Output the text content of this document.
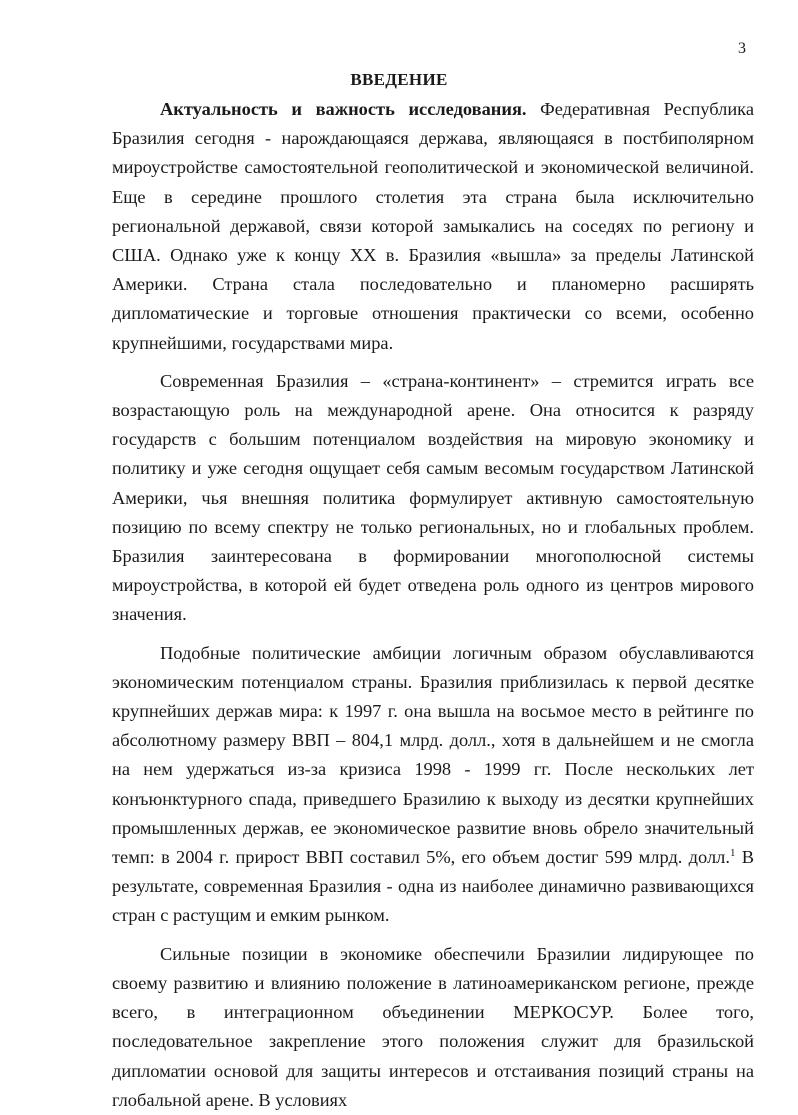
3
ВВЕДЕНИЕ

Актуальность и важность исследования. Федеративная Республика Бразилия сегодня - нарождающаяся держава, являющаяся в постбиполярном мироустройстве самостоятельной геополитической и экономической величиной. Еще в середине прошлого столетия эта страна была исключительно региональной державой, связи которой замыкались на соседях по региону и США. Однако уже к концу XX в. Бразилия «вышла» за пределы Латинской Америки. Страна стала последовательно и планомерно расширять дипломатические и торговые отношения практически со всеми, особенно крупнейшими, государствами мира.

Современная Бразилия – «страна-континент» – стремится играть все возрастающую роль на международной арене. Она относится к разряду государств с большим потенциалом воздействия на мировую экономику и политику и уже сегодня ощущает себя самым весомым государством Латинской Америки, чья внешняя политика формулирует активную самостоятельную позицию по всему спектру не только региональных, но и глобальных проблем. Бразилия заинтересована в формировании многополюсной системы мироустройства, в которой ей будет отведена роль одного из центров мирового значения.

Подобные политические амбиции логичным образом обуславливаются экономическим потенциалом страны. Бразилия приблизилась к первой десятке крупнейших держав мира: к 1997 г. она вышла на восьмое место в рейтинге по абсолютному размеру ВВП – 804,1 млрд. долл., хотя в дальнейшем и не смогла на нем удержаться из-за кризиса 1998 - 1999 гг. После нескольких лет конъюнктурного спада, приведшего Бразилию к выходу из десятки крупнейших промышленных держав, ее экономическое развитие вновь обрело значительный темп: в 2004 г. прирост ВВП составил 5%, его объем достиг 599 млрд. долл.$^1$ В результате, современная Бразилия - одна из наиболее динамично развивающихся стран с растущим и емким рынком.

Сильные позиции в экономике обеспечили Бразилии лидирующее по своему развитию и влиянию положение в латиноамериканском регионе, прежде всего, в интеграционном объединении МЕРКОСУР. Более того, последовательное закрепление этого положения служит для бразильской дипломатии основой для защиты интересов и отстаивания позиций страны на глобальной арене. В условиях
